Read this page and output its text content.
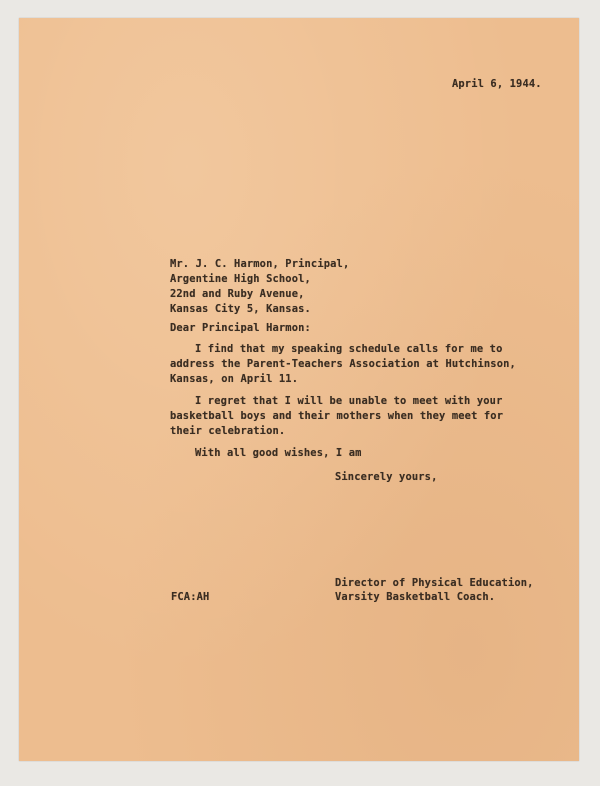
April 6, 1944.
Mr. J. C. Harmon, Principal,
Argentine High School,
22nd and Ruby Avenue,
Kansas City 5, Kansas.
Dear Principal Harmon:
I find that my speaking schedule calls for me to
address the Parent-Teachers Association at Hutchinson,
Kansas, on April 11.
I regret that I will be unable to meet with your
basketball boys and their mothers when they meet for
their celebration.
With all good wishes, I am
Sincerely yours,
Director of Physical Education,
Varsity Basketball Coach.
FCA:AH
